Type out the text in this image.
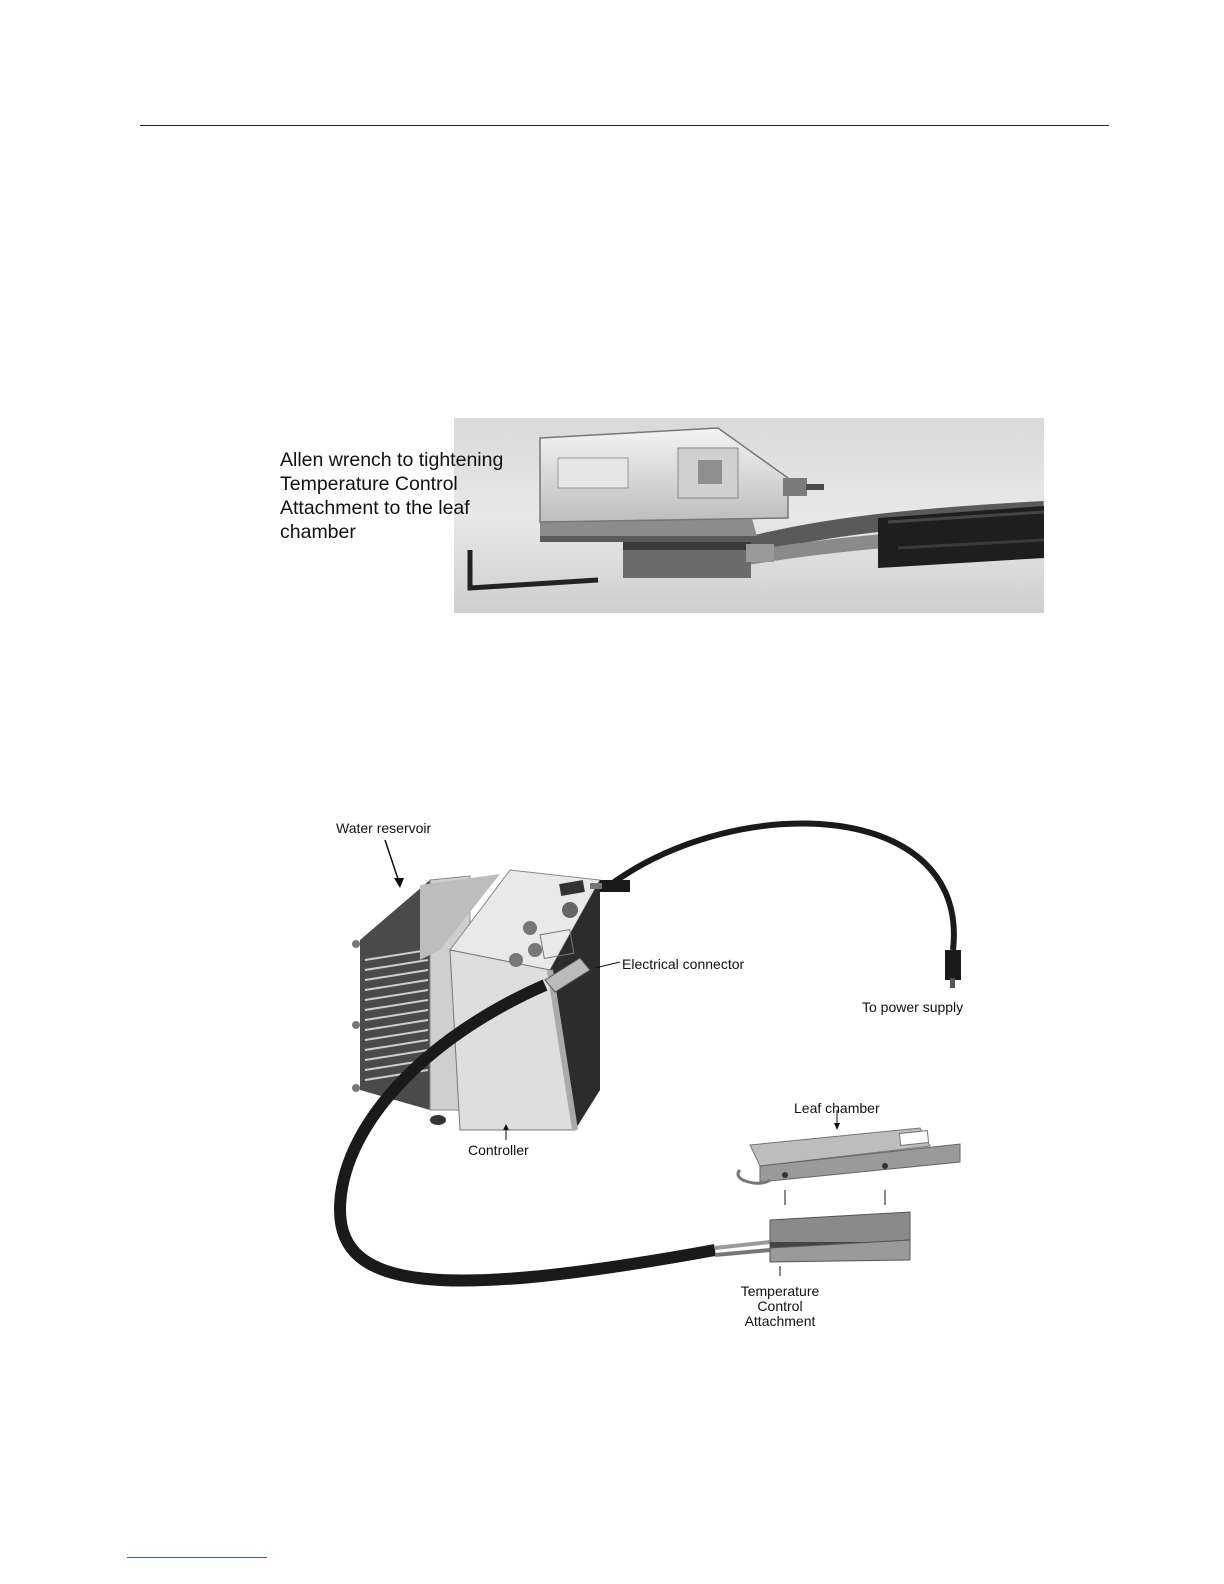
Allen wrench to tightening
Temperature Control
Attachment to the leaf
chamber
Water reservoir
Electrical connector
To power supply
Controller
Leaf chamber
Temperature
Control
Attachment
